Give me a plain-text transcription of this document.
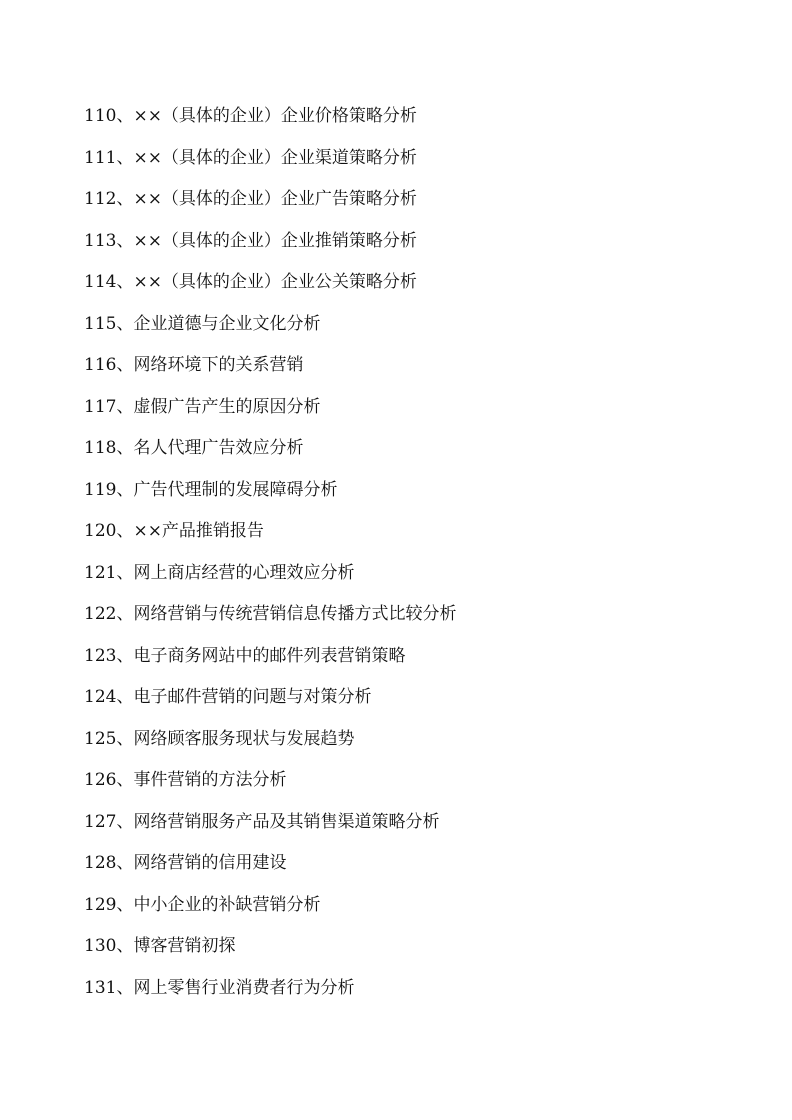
110、××（具体的企业）企业价格策略分析
111、××（具体的企业）企业渠道策略分析
112、××（具体的企业）企业广告策略分析
113、××（具体的企业）企业推销策略分析
114、××（具体的企业）企业公关策略分析
115、企业道德与企业文化分析
116、网络环境下的关系营销
117、虚假广告产生的原因分析
118、名人代理广告效应分析
119、广告代理制的发展障碍分析
120、××产品推销报告
121、网上商店经营的心理效应分析
122、网络营销与传统营销信息传播方式比较分析
123、电子商务网站中的邮件列表营销策略
124、电子邮件营销的问题与对策分析
125、网络顾客服务现状与发展趋势
126、事件营销的方法分析
127、网络营销服务产品及其销售渠道策略分析
128、网络营销的信用建设
129、中小企业的补缺营销分析
130、博客营销初探
131、网上零售行业消费者行为分析
